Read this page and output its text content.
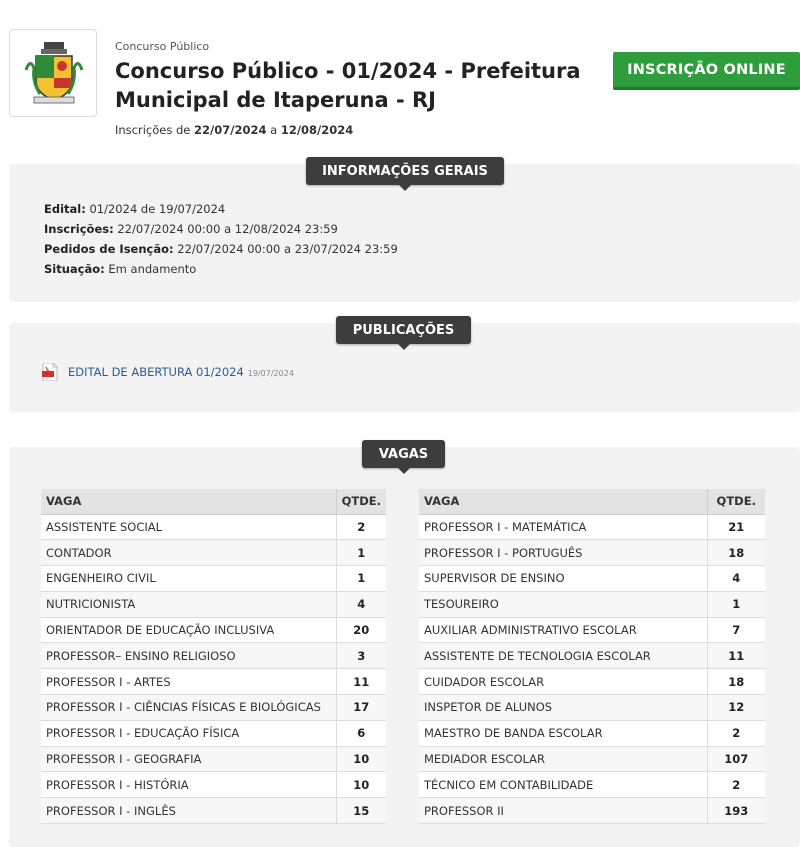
Concurso Público
Concurso Público - 01/2024 - Prefeitura Municipal de Itaperuna - RJ
Inscrições de 22/07/2024 a 12/08/2024
INSCRIÇÃO ONLINE
INFORMAÇÕES GERAIS
Edital: 01/2024 de 19/07/2024
Inscrições: 22/07/2024 00:00 a 12/08/2024 23:59
Pedidos de Isenção: 22/07/2024 00:00 a 23/07/2024 23:59
Situação: Em andamento
PUBLICAÇÕES
EDITAL DE ABERTURA 01/2024 19/07/2024
VAGAS
VAGA	QTDE.
ASSISTENTE SOCIAL	2
CONTADOR	1
ENGENHEIRO CIVIL	1
NUTRICIONISTA	4
ORIENTADOR DE EDUCAÇÃO INCLUSIVA	20
PROFESSOR– ENSINO RELIGIOSO	3
PROFESSOR I - ARTES	11
PROFESSOR I - CIÊNCIAS FÍSICAS E BIOLÓGICAS	17
PROFESSOR I - EDUCAÇÃO FÍSICA	6
PROFESSOR I - GEOGRAFIA	10
PROFESSOR I - HISTÓRIA	10
PROFESSOR I - INGLÊS	15
VAGA	QTDE.
PROFESSOR I - MATEMÁTICA	21
PROFESSOR I - PORTUGUÊS	18
SUPERVISOR DE ENSINO	4
TESOUREIRO	1
AUXILIAR ADMINISTRATIVO ESCOLAR	7
ASSISTENTE DE TECNOLOGIA ESCOLAR	11
CUIDADOR ESCOLAR	18
INSPETOR DE ALUNOS	12
MAESTRO DE BANDA ESCOLAR	2
MEDIADOR ESCOLAR	107
TÉCNICO EM CONTABILIDADE	2
PROFESSOR II	193
